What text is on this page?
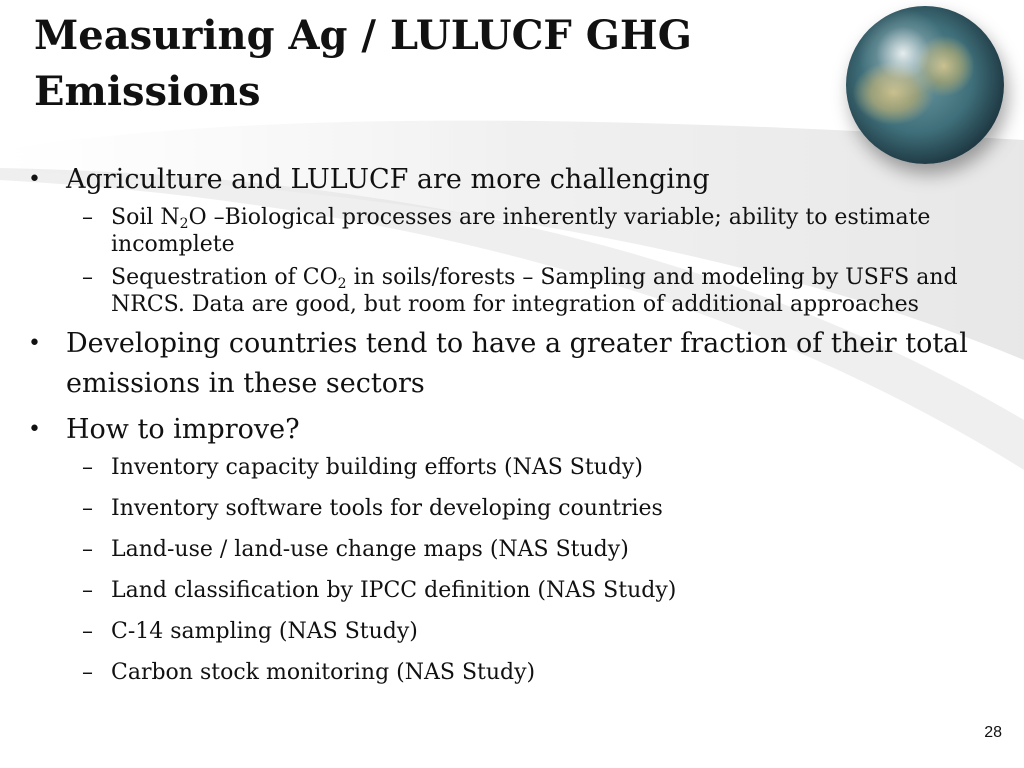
Measuring Ag / LULUCF GHG Emissions
• Agriculture and LULUCF are more challenging
– Soil $N_2O$ –Biological processes are inherently variable; ability to estimate incomplete
– Sequestration of $CO_2$ in soils/forests – Sampling and modeling by USFS and NRCS. Data are good, but room for integration of additional approaches
• Developing countries tend to have a greater fraction of their total emissions in these sectors
• How to improve?
– Inventory capacity building efforts (NAS Study)
– Inventory software tools for developing countries
– Land-use / land-use change maps (NAS Study)
– Land classification by IPCC definition (NAS Study)
– C-14 sampling (NAS Study)
– Carbon stock monitoring (NAS Study)
28
